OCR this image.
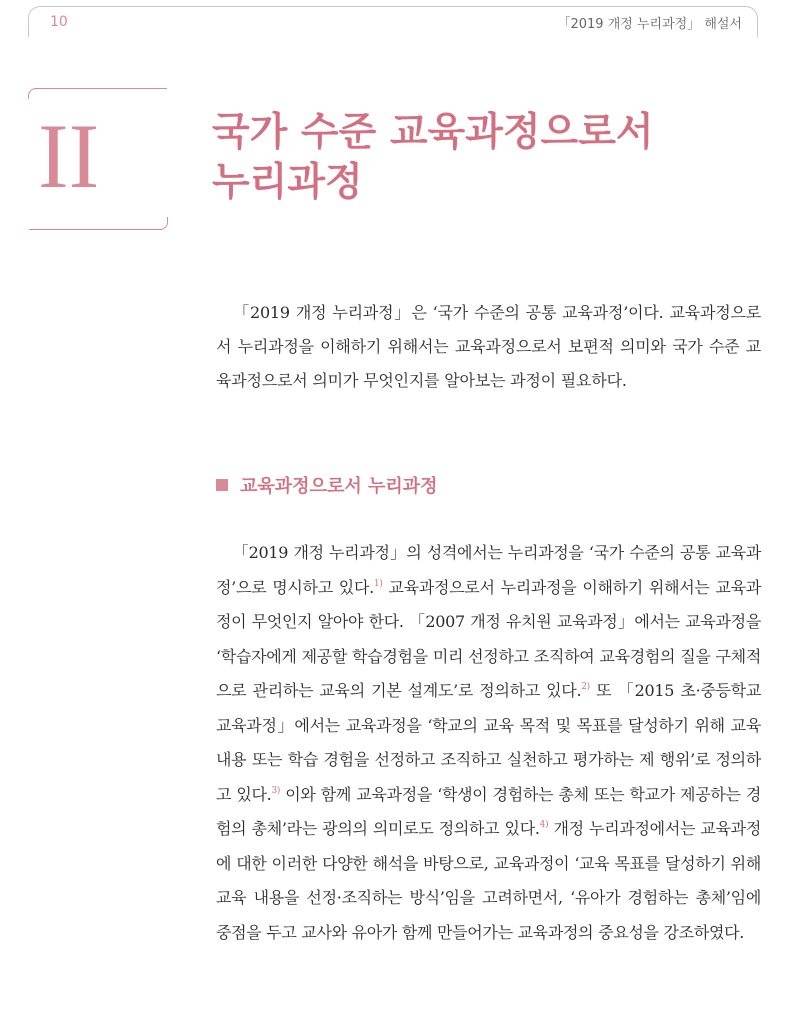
10	「2019 개정 누리과정」 해설서
II	국가 수준 교육과정으로서
누리과정

「2019 개정 누리과정」은 ‘국가 수준의 공통 교육과정’이다. 교육과정으로서 누리과정을 이해하기 위해서는 교육과정으로서 보편적 의미와 국가 수준 교육과정으로서 의미가 무엇인지를 알아보는 과정이 필요하다.

교육과정으로서 누리과정

「2019 개정 누리과정」의 성격에서는 누리과정을 ‘국가 수준의 공통 교육과정’으로 명시하고 있다.$^{1)}$ 교육과정으로서 누리과정을 이해하기 위해서는 교육과정이 무엇인지 알아야 한다. 「2007 개정 유치원 교육과정」에서는 교육과정을 ‘학습자에게 제공할 학습경험을 미리 선정하고 조직하여 교육경험의 질을 구체적으로 관리하는 교육의 기본 설계도’로 정의하고 있다.$^{2)}$ 또 「2015 초·중등학교 교육과정」에서는 교육과정을 ‘학교의 교육 목적 및 목표를 달성하기 위해 교육 내용 또는 학습 경험을 선정하고 조직하고 실천하고 평가하는 제 행위’로 정의하고 있다.$^{3)}$ 이와 함께 교육과정을 ‘학생이 경험하는 총체 또는 학교가 제공하는 경험의 총체’라는 광의의 의미로도 정의하고 있다.$^{4)}$ 개정 누리과정에서는 교육과정에 대한 이러한 다양한 해석을 바탕으로, 교육과정이 ‘교육 목표를 달성하기 위해 교육 내용을 선정·조직하는 방식’임을 고려하면서, ‘유아가 경험하는 총체’임에 중점을 두고 교사와 유아가 함께 만들어가는 교육과정의 중요성을 강조하였다.
